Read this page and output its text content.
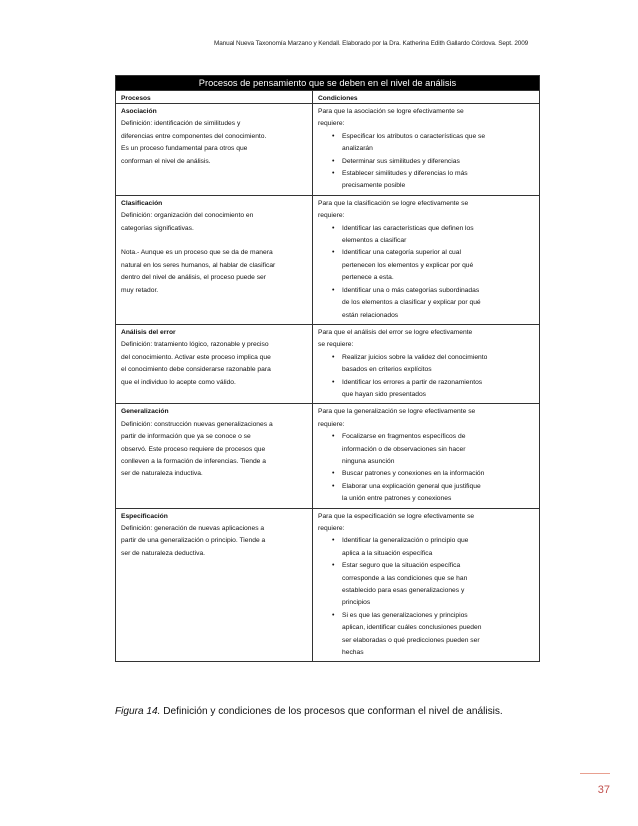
Manual Nueva Taxonomía Marzano y Kendall. Elaborado por la Dra. Katherina Edith Gallardo Córdova. Sept. 2009
Procesos de pensamiento que se deben en el nivel de análisis
Procesos	Condiciones
Asociación
Definición: identificación de similitudes y
diferencias entre componentes del conocimiento.
Es un proceso fundamental para otros que
conforman el nivel de análisis.
Para que la asociación se logre efectivamente se
requiere:
• Especificar los atributos o características que se
analizarán
• Determinar sus similitudes y diferencias
• Establecer similitudes y diferencias lo más
precisamente posible
Clasificación
Definición: organización del conocimiento en
categorías significativas.
Nota.- Aunque es un proceso que se da de manera
natural en los seres humanos, al hablar de clasificar
dentro del nivel de análisis, el proceso puede ser
muy retador.
Para que la clasificación se logre efectivamente se
requiere:
• Identificar las características que definen los
elementos a clasificar
• Identificar una categoría superior al cual
pertenecen los elementos y explicar por qué
pertenece a esta.
• Identificar una o más categorías subordinadas
de los elementos a clasificar y explicar por qué
están relacionados
Análisis del error
Definición: tratamiento lógico, razonable y preciso
del conocimiento. Activar este proceso implica que
el conocimiento debe considerarse razonable para
que el individuo lo acepte como válido.
Para que el análisis del error se logre efectivamente
se requiere:
• Realizar juicios sobre la validez del conocimiento
basados en criterios explícitos
• Identificar los errores a partir de razonamientos
que hayan sido presentados
Generalización
Definición: construcción nuevas generalizaciones a
partir de información que ya se conoce o se
observó. Este proceso requiere de procesos que
conlleven a la formación de inferencias. Tiende a
ser de naturaleza inductiva.
Para que la generalización se logre efectivamente se
requiere:
• Focalizarse en fragmentos específicos de
información o de observaciones sin hacer
ninguna asunción
• Buscar patrones y conexiones en la información
• Elaborar una explicación general que justifique
la unión entre patrones y conexiones
Especificación
Definición: generación de nuevas aplicaciones a
partir de una generalización o principio. Tiende a
ser de naturaleza deductiva.
Para que la especificación se logre efectivamente se
requiere:
• Identificar la generalización o principio que
aplica a la situación específica
• Estar seguro que la situación específica
corresponde a las condiciones que se han
establecido para esas generalizaciones y
principios
• Si es que las generalizaciones y principios
aplican, identificar cuáles conclusiones pueden
ser elaboradas o qué predicciones pueden ser
hechas
Figura 14. Definición y condiciones de los procesos que conforman el nivel de análisis.
37
